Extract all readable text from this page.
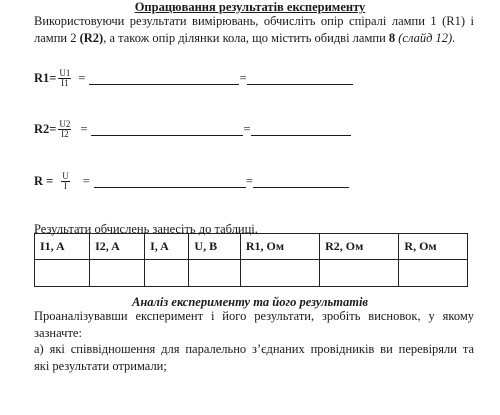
Опрацювання результатів експерименту
Використовуючи результати вимірювань, обчисліть опір спіралі лампи 1 (R1) і
лампи 2 (R2), а також опір ділянки кола, що містить обидві лампи 8 (слайд 12).
$R1= \frac{U1}{I1}$ =	=
$R2= \frac{U2}{I2}$ =	=
$R = \frac{U}{I}$ =	=
Результати обчислень занесіть до таблиці.
I1, A	I2, A	I, A	U, B	R1, Ом	R2, Ом	R, Ом

Аналіз експерименту та його результатів
Проаналізувавши експеримент і його результати, зробіть висновок, у якому
зазначте:
а) які співвідношення для паралельно з’єднаних провідників ви перевіряли та
які результати отримали;
